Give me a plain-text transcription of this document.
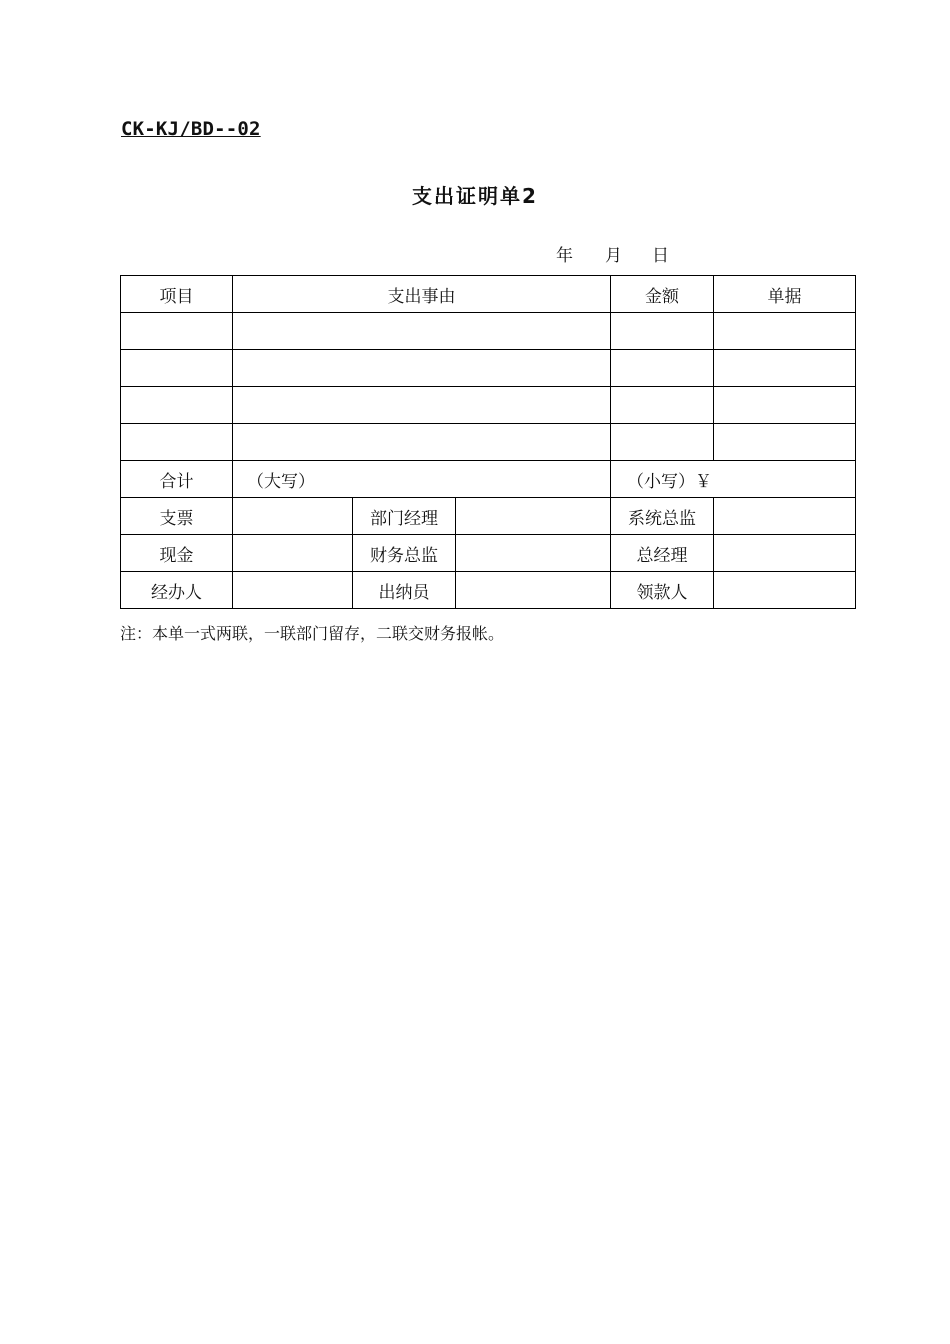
CK-KJ/BD--02
支出证明单2
年 月 日
项目	支出事由			金额	单据

合计	（大写）			（小写）￥	
支票		部门经理		系统总监	
现金		财务总监		总经理	
经办人		出纳员		领款人	
注：本单一式两联，一联部门留存，二联交财务报帐。
